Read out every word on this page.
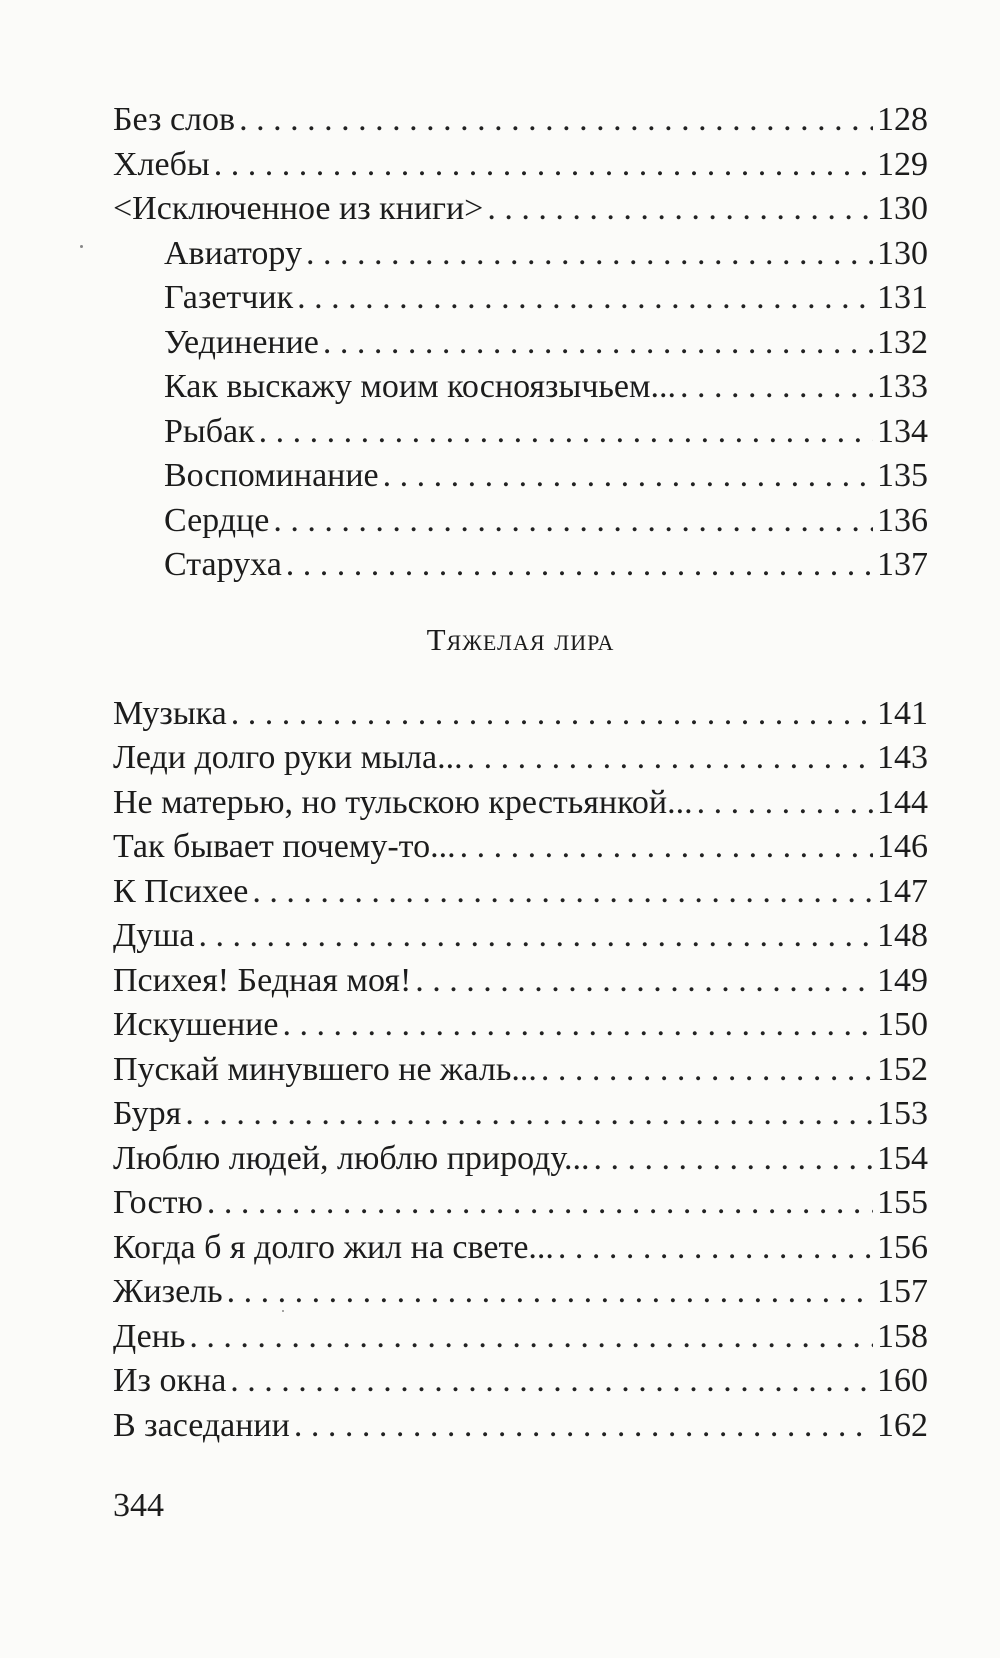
Без слов . . .	128
Хлебы . . .	129
<Исключенное из книги> . . .	130
Авиатору . . .	130
Газетчик . . .	131
Уединение . . .	132
Как выскажу моим косноязычьем... . . .	133
Рыбак . . .	134
Воспоминание . . .	135
Сердце . . .	136
Старуха . . .	137
Тяжелая лира
Музыка . . .	141
Леди долго руки мыла... . . .	143
Не матерью, но тульскою крестьянкой... . . .	144
Так бывает почему-то... . . .	146
К Психее . . .	147
Душа . . .	148
Психея! Бедная моя! . . .	149
Искушение . . .	150
Пускай минувшего не жаль... . . .	152
Буря . . .	153
Люблю людей, люблю природу... . . .	154
Гостю . . .	155
Когда б я долго жил на свете... . . .	156
Жизель . . .	157
День . . .	158
Из окна . . .	160
В заседании . . .	162
344
